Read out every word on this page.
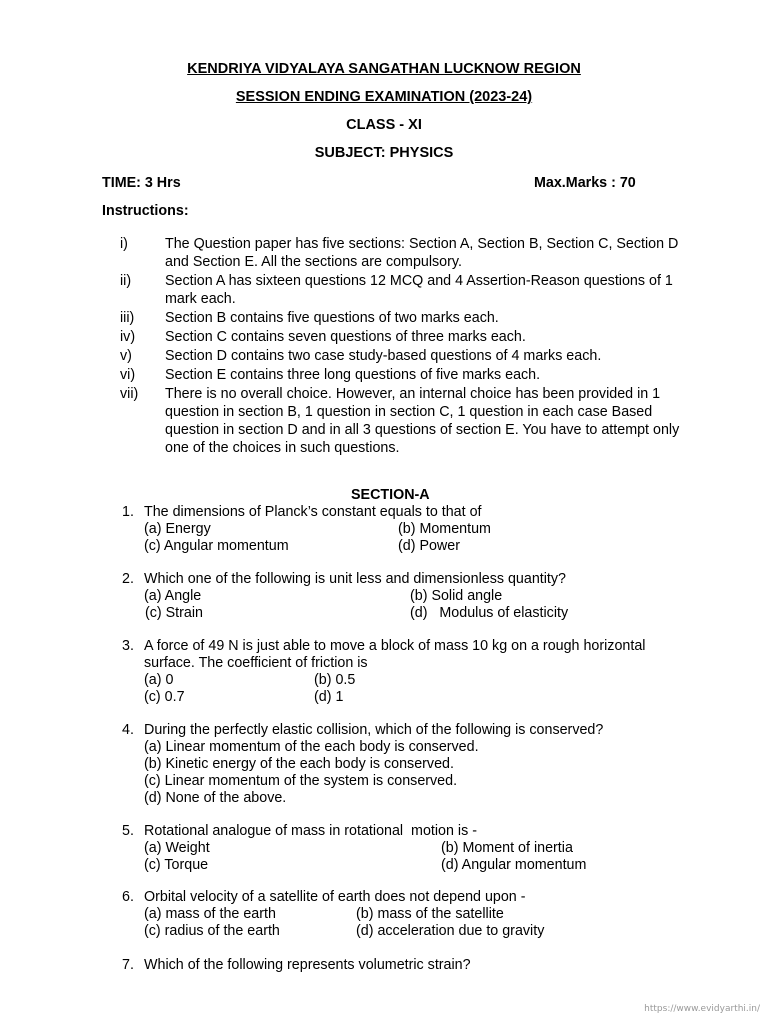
KENDRIYA VIDYALAYA SANGATHAN LUCKNOW REGION
SESSION ENDING EXAMINATION (2023-24)
CLASS - XI
SUBJECT: PHYSICS
TIME: 3 Hrs	Max.Marks : 70
Instructions:
i)	The Question paper has five sections: Section A, Section B, Section C, Section D and Section E. All the sections are compulsory.
ii) Section A has sixteen questions 12 MCQ and 4 Assertion-Reason questions of 1 mark each.
iii) Section B contains five questions of two marks each.
iv) Section C contains seven questions of three marks each.
v) Section D contains two case study-based questions of 4 marks each.
vi) Section E contains three long questions of five marks each.
vii) There is no overall choice. However, an internal choice has been provided in 1 question in section B, 1 question in section C, 1 question in each case Based question in section D and in all 3 questions of section E. You have to attempt only one of the choices in such questions.
SECTION-A
1. The dimensions of Planck’s constant equals to that of
(a) Energy	(b) Momentum
(c) Angular momentum	(d) Power
2. Which one of the following is unit less and dimensionless quantity?
(a) Angle	(b) Solid angle
(c) Strain	(d)   Modulus of elasticity
3. A force of 49 N is just able to move a block of mass 10 kg on a rough horizontal surface. The coefficient of friction is
(a) 0	(b) 0.5
(c) 0.7	(d) 1
4. During the perfectly elastic collision, which of the following is conserved?
(a) Linear momentum of the each body is conserved.
(b) Kinetic energy of the each body is conserved.
(c) Linear momentum of the system is conserved.
(d) None of the above.
5. Rotational analogue of mass in rotational  motion is -
(a) Weight	(b) Moment of inertia
(c) Torque	(d) Angular momentum
6. Orbital velocity of a satellite of earth does not depend upon -
(a) mass of the earth	(b) mass of the satellite
(c) radius of the earth	(d) acceleration due to gravity
7. Which of the following represents volumetric strain?
https://www.evidyarthi.in/
